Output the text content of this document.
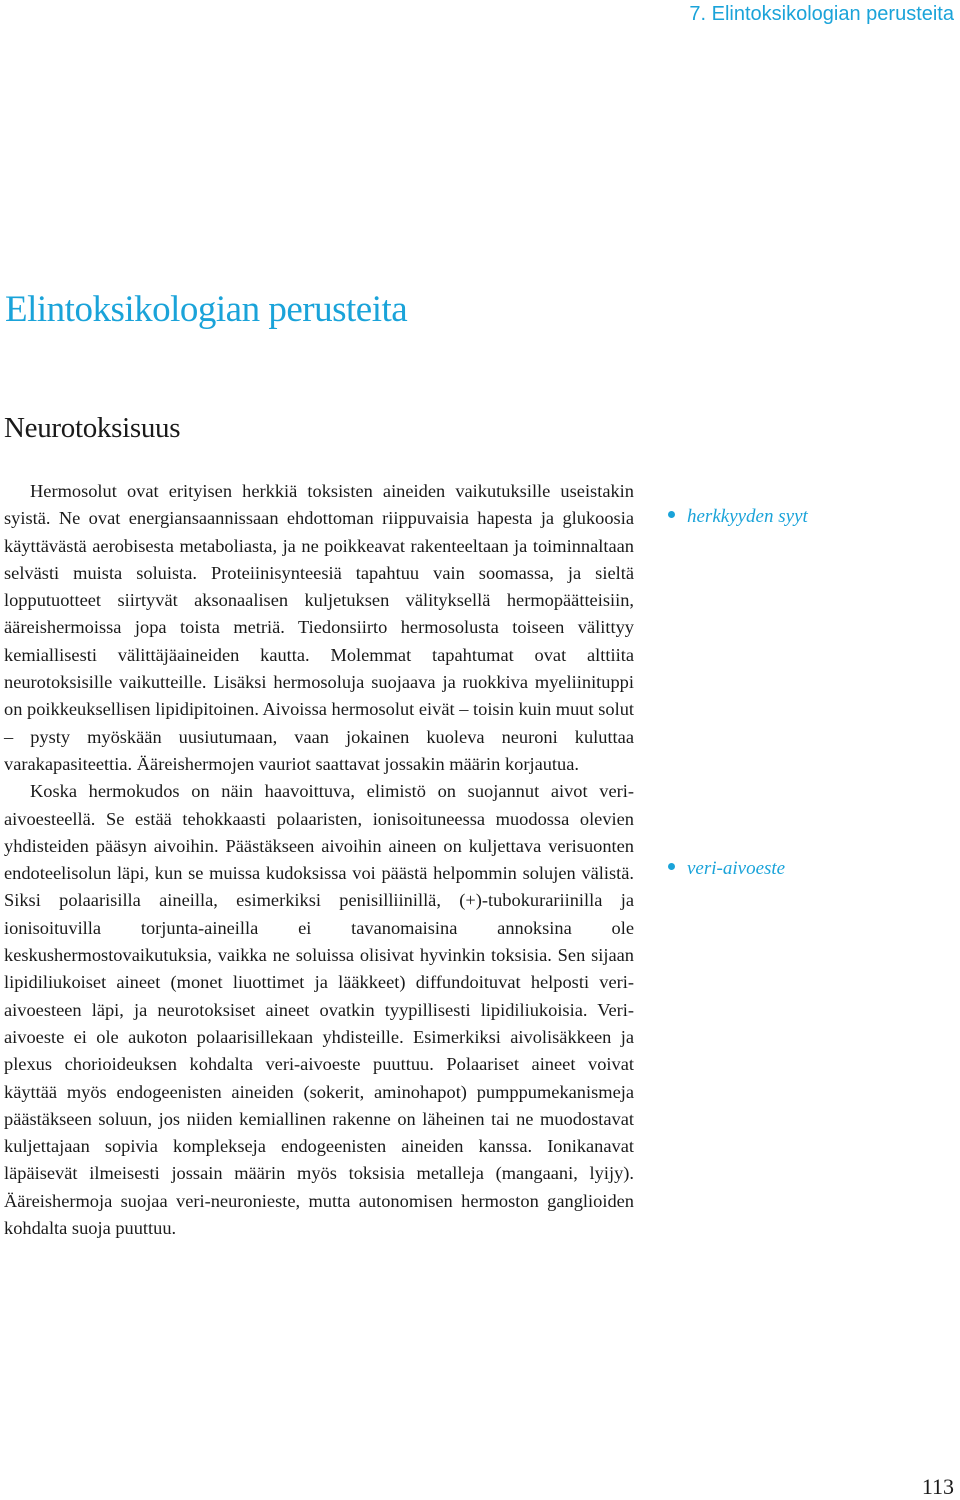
7. Elintoksikologian perusteita

Elintoksikologian perusteita
Neurotoksisuus

Hermosolut ovat erityisen herkkiä toksisten aineiden vaikutuksille useistakin syistä. Ne ovat energiansaannissaan ehdottoman riippuvaisia hapesta ja glukoosia käyttävästä aerobisesta metaboliasta, ja ne poikkeavat rakenteeltaan ja toiminnaltaan selvästi muista soluista. Proteiinisynteesiä tapahtuu vain soomassa, ja sieltä lopputuotteet siirtyvät aksonaalisen kuljetuksen välityksellä hermopäätteisiin, ääreishermoissa jopa toista metriä. Tiedonsiirto hermosolusta toiseen välittyy kemiallisesti välittäjäaineiden kautta. Molemmat tapahtumat ovat alttiita neurotoksisille vaikutteille. Lisäksi hermosoluja suojaava ja ruokkiva myeliinituppi on poikkeuksellisen lipidipitoinen. Aivoissa hermosolut eivät – toisin kuin muut solut – pysty myöskään uusiutumaan, vaan jokainen kuoleva neuroni kuluttaa varakapasiteettia. Ääreishermojen vauriot saattavat jossakin määrin korjautua.

Koska hermokudos on näin haavoittuva, elimistö on suojannut aivot veri-aivoesteellä. Se estää tehokkaasti polaaristen, ionisoituneessa muodossa olevien yhdisteiden pääsyn aivoihin. Päästäkseen aivoihin aineen on kuljettava verisuonten endoteelisolun läpi, kun se muissa kudoksissa voi päästä helpommin solujen välistä. Siksi polaarisilla aineilla, esimerkiksi penisilliinillä, (+)-tubokurariinilla ja ionisoituvilla torjunta-aineilla ei tavanomaisina annoksina ole keskushermostovaikutuksia, vaikka ne soluissa olisivat hyvinkin toksisia. Sen sijaan lipidiliukoiset aineet (monet liuottimet ja lääkkeet) diffundoituvat helposti veri-aivoesteen läpi, ja neurotoksiset aineet ovatkin tyypillisesti lipidiliukoisia. Veri-aivoeste ei ole aukoton polaarisillekaan yhdisteille. Esimerkiksi aivolisäkkeen ja plexus chorioideuksen kohdalta veri-aivoeste puuttuu. Polaariset aineet voivat käyttää myös endogeenisten aineiden (sokerit, aminohapot) pumppumekanismeja päästäkseen soluun, jos niiden kemiallinen rakenne on läheinen tai ne muodostavat kuljettajaan sopivia komplekseja endogeenisten aineiden kanssa. Ionikanavat läpäisevät ilmeisesti jossain määrin myös toksisia metalleja (mangaani, lyijy). Ääreishermoja suojaa veri-neuronieste, mutta autonomisen hermoston ganglioiden kohdalta suoja puuttuu.

herkkyyden syyt
veri-aivoeste

113
